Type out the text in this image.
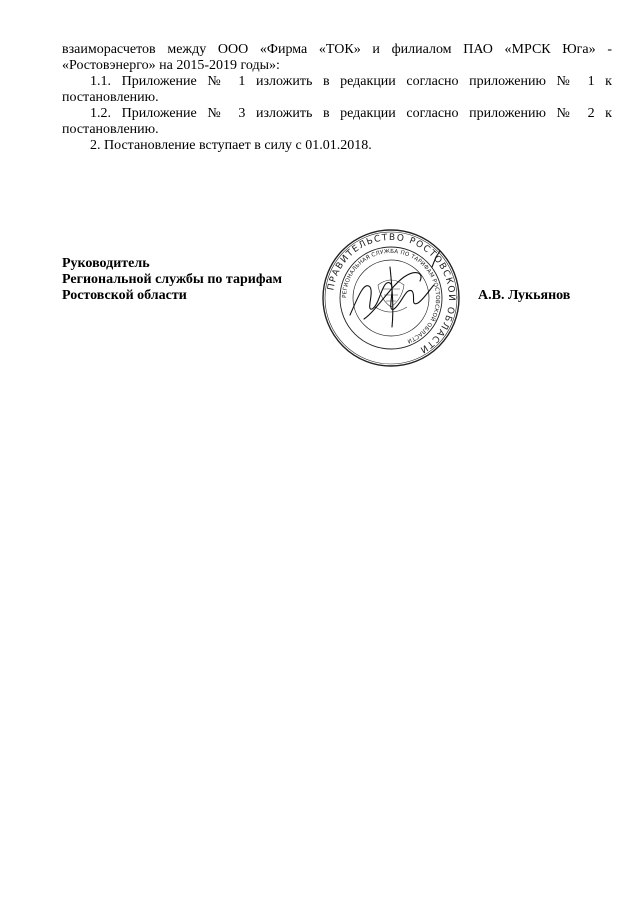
взаиморасчетов между ООО «Фирма «ТОК» и филиалом ПАО «МРСК Юга» - «Ростовэнерго» на 2015-2019 годы»:

1.1. Приложение № 1 изложить в редакции согласно приложению № 1 к постановлению.

1.2. Приложение № 3 изложить в редакции согласно приложению № 2 к постановлению.

2. Постановление вступает в силу с 01.01.2018.

Руководитель
Региональной службы по тарифам
Ростовской области
ПРАВИТЕЛЬСТВО РОСТОВСКОЙ ОБЛАСТИ
РЕГИОНАЛЬНАЯ СЛУЖБА ПО ТАРИФАМ РОСТОВСКОЙ ОБЛАСТИ
А.В. Лукьянов
